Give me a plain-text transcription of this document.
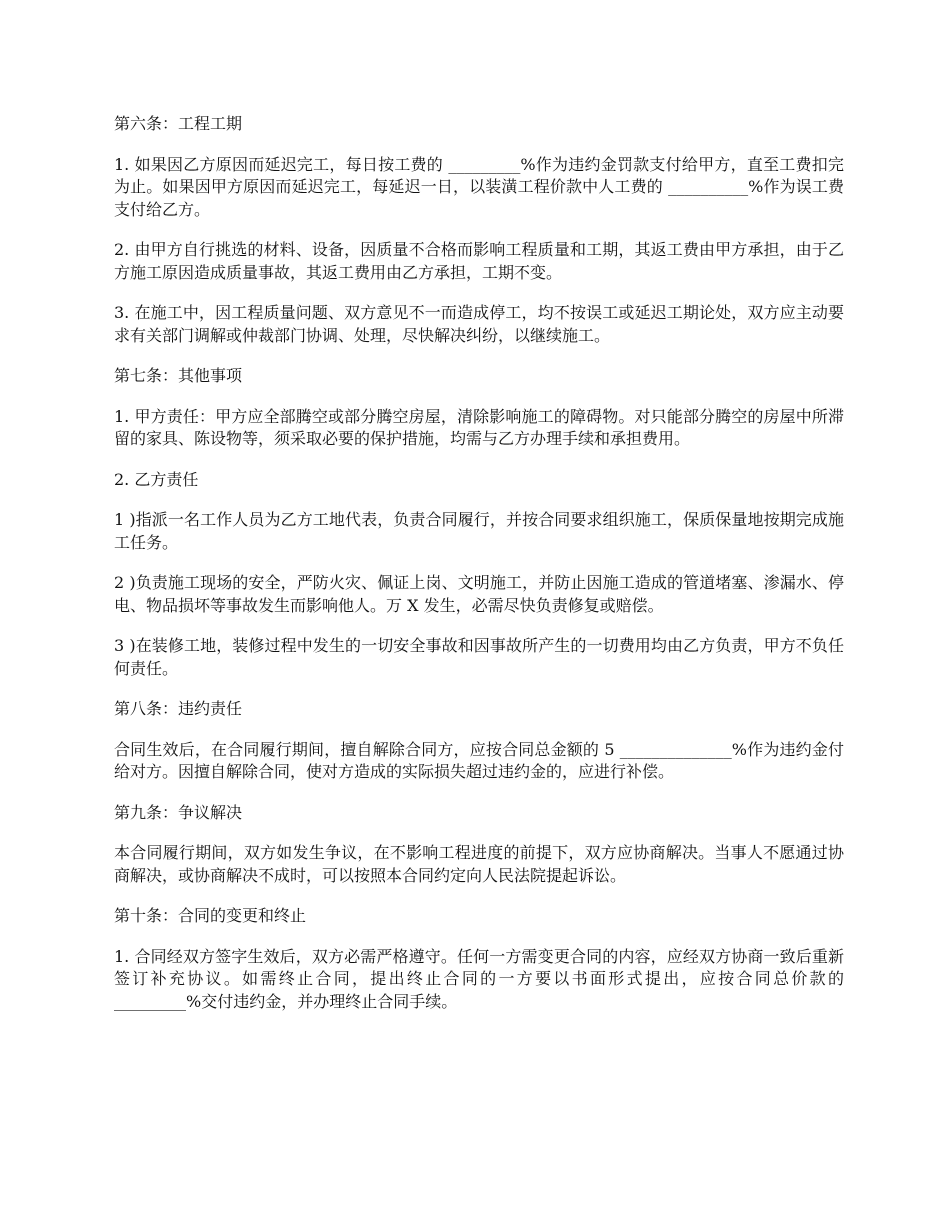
第六条：工程工期

1. 如果因乙方原因而延迟完工，每日按工费的 _________%作为违约金罚款支付给甲方，直至工费扣完为止。如果因甲方原因而延迟完工，每延迟一日，以装潢工程价款中人工费的 __________%作为误工费支付给乙方。

2. 由甲方自行挑选的材料、设备，因质量不合格而影响工程质量和工期，其返工费由甲方承担，由于乙方施工原因造成质量事故，其返工费用由乙方承担，工期不变。

3. 在施工中，因工程质量问题、双方意见不一而造成停工，均不按误工或延迟工期论处，双方应主动要求有关部门调解或仲裁部门协调、处理，尽快解决纠纷，以继续施工。

第七条：其他事项

1. 甲方责任：甲方应全部腾空或部分腾空房屋，清除影响施工的障碍物。对只能部分腾空的房屋中所滞留的家具、陈设物等，须采取必要的保护措施，均需与乙方办理手续和承担费用。

2. 乙方责任

1 )指派一名工作人员为乙方工地代表，负责合同履行，并按合同要求组织施工，保质保量地按期完成施工任务。

2 )负责施工现场的安全，严防火灾、佩证上岗、文明施工，并防止因施工造成的管道堵塞、渗漏水、停电、物品损坏等事故发生而影响他人。万 X 发生，必需尽快负责修复或赔偿。

3 )在装修工地，装修过程中发生的一切安全事故和因事故所产生的一切费用均由乙方负责，甲方不负任何责任。

第八条：违约责任

合同生效后，在合同履行期间，擅自解除合同方，应按合同总金额的 5 ______________%作为违约金付给对方。因擅自解除合同，使对方造成的实际损失超过违约金的，应进行补偿。

第九条：争议解决

本合同履行期间，双方如发生争议，在不影响工程进度的前提下，双方应协商解决。当事人不愿通过协商解决，或协商解决不成时，可以按照本合同约定向人民法院提起诉讼。

第十条：合同的变更和终止

1. 合同经双方签字生效后，双方必需严格遵守。任何一方需变更合同的内容，应经双方协商一致后重新签订补充协议。如需终止合同，提出终止合同的一方要以书面形式提出，应按合同总价款的 _________%交付违约金，并办理终止合同手续。
